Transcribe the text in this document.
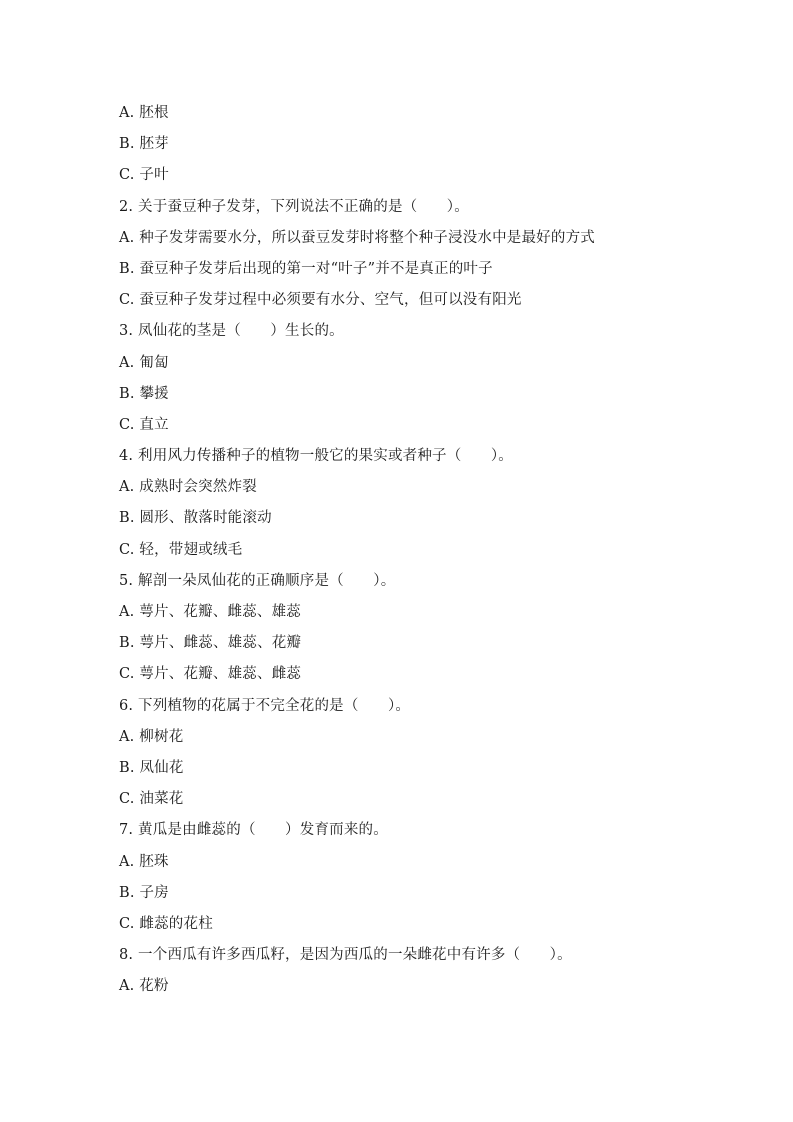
A. 胚根
B. 胚芽
C. 子叶
2. 关于蚕豆种子发芽，下列说法不正确的是（　　）。
A. 种子发芽需要水分，所以蚕豆发芽时将整个种子浸没水中是最好的方式
B. 蚕豆种子发芽后出现的第一对“叶子”并不是真正的叶子
C. 蚕豆种子发芽过程中必须要有水分、空气，但可以没有阳光
3. 凤仙花的茎是（　　）生长的。
A. 匍匐
B. 攀援
C. 直立
4. 利用风力传播种子的植物一般它的果实或者种子（　　）。
A. 成熟时会突然炸裂
B. 圆形、散落时能滚动
C. 轻，带翅或绒毛
5. 解剖一朵凤仙花的正确顺序是（　　）。
A. 萼片、花瓣、雌蕊、雄蕊
B. 萼片、雌蕊、雄蕊、花瓣
C. 萼片、花瓣、雄蕊、雌蕊
6. 下列植物的花属于不完全花的是（　　）。
A. 柳树花
B. 凤仙花
C. 油菜花
7. 黄瓜是由雌蕊的（　　）发育而来的。
A. 胚珠
B. 子房
C. 雌蕊的花柱
8. 一个西瓜有许多西瓜籽，是因为西瓜的一朵雌花中有许多（　　）。
A. 花粉
